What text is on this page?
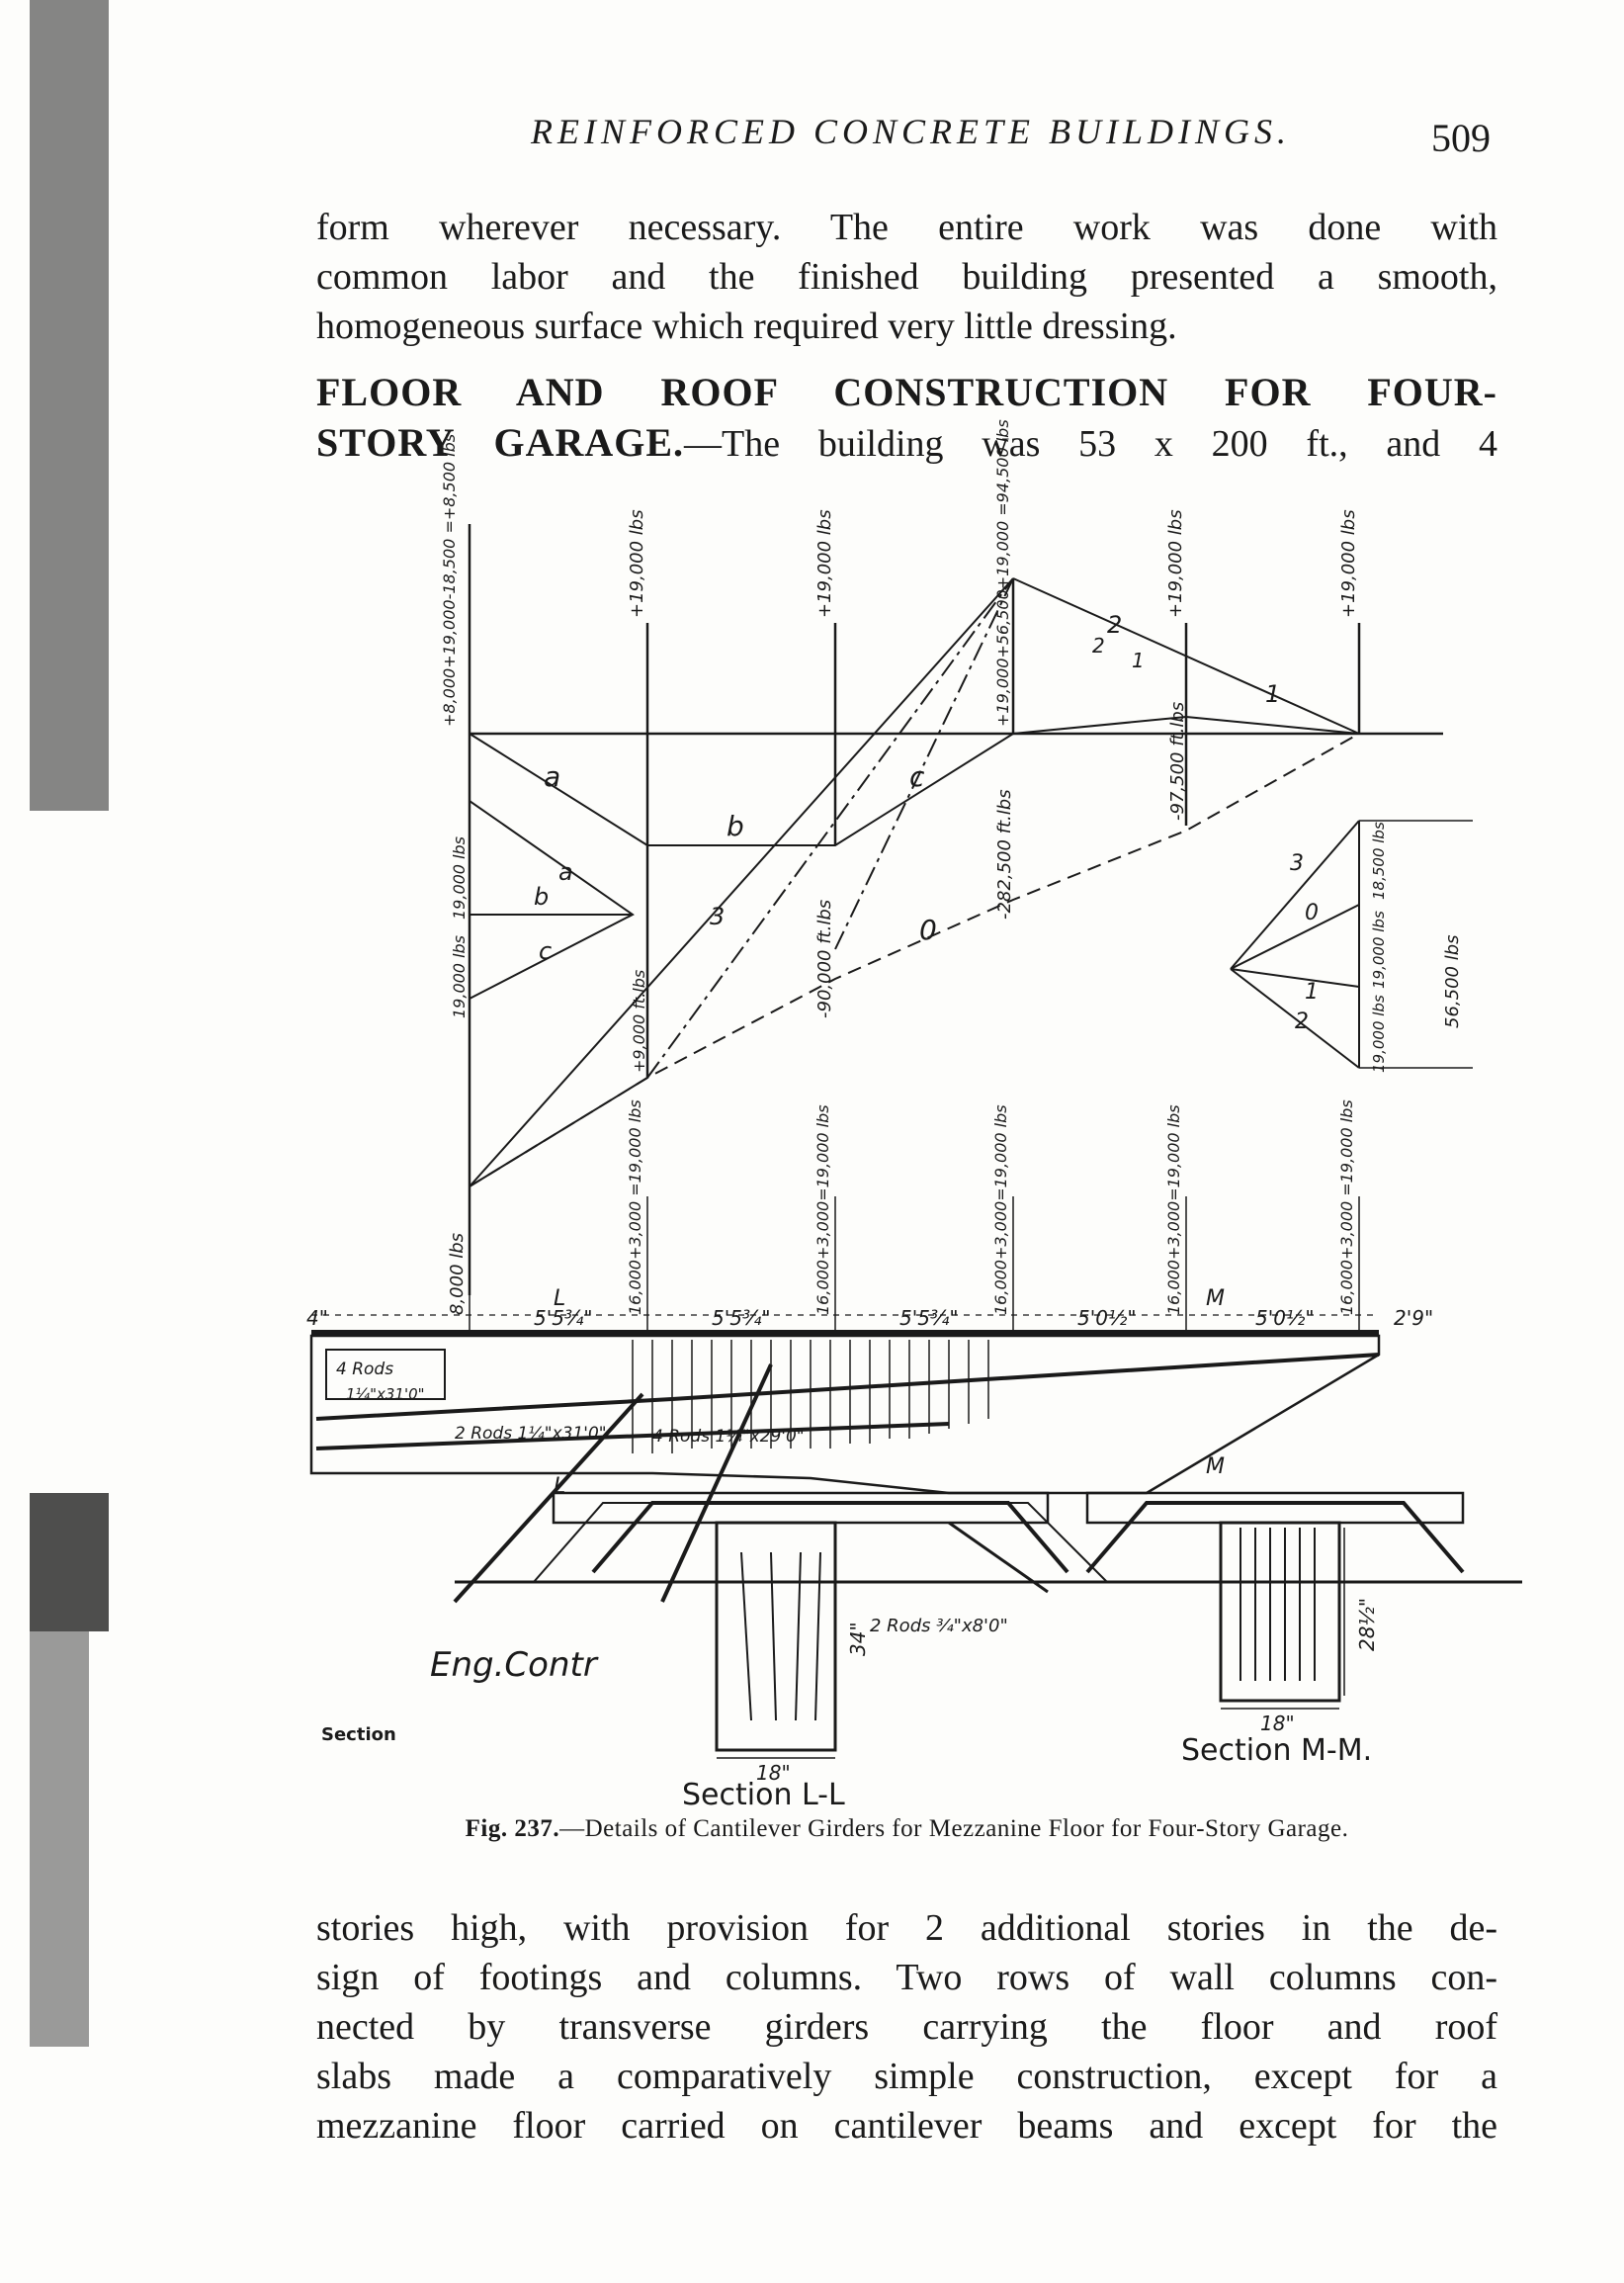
REINFORCED CONCRETE BUILDINGS.	509
form wherever necessary. The entire work was done with
common labor and the finished building presented a smooth,
homogeneous surface which required very little dressing.
FLOOR AND ROOF CONSTRUCTION FOR FOUR-
STORY GARAGE.—The building was 53 x 200 ft., and 4
+8,000+19,000-18,500 =+8,500 lbs	+19,000 lbs	+19,000 lbs	+19,000+56,500+19,000 =94,500 lbs	+19,000 lbs	+19,000 lbs
-90,000 ft.lbs
-282,500 ft.lbs
-97,500 ft.lbs
+9,000 ft.lbs
19,000 lbs
19,000 lbs	18,500 lbs
19,000 lbs
19,000 lbs
56,500 lbs
a
b
c
a
b
c
0
1
2
3	0
1
2
3
1
2
8,000 lbs	16,000+3,000 =19,000 lbs	16,000+3,000=19,000 lbs	16,000+3,000=19,000 lbs	16,000+3,000=19,000 lbs	16,000+3,000 =19,000 lbs
5'5¾"	5'5¾"	5'5¾"	5'0½"	5'0½"	2'9"
4"
4 Rods
1¼"x31'0"
2 Rods 1¼"x31'0"	4 Rods 1¼"x29'0"
2 Rods ¾"x8'0"
L
L
M
M
34"
18"
28½"
18"
Eng.Contr
Section L-L
Section M-M.
Section
Fig. 237.—Details of Cantilever Girders for Mezzanine Floor for Four-Story Garage.
stories high, with provision for 2 additional stories in the de-
sign of footings and columns. Two rows of wall columns con-
nected by transverse girders carrying the floor and roof
slabs made a comparatively simple construction, except for a
mezzanine floor carried on cantilever beams and except for the
